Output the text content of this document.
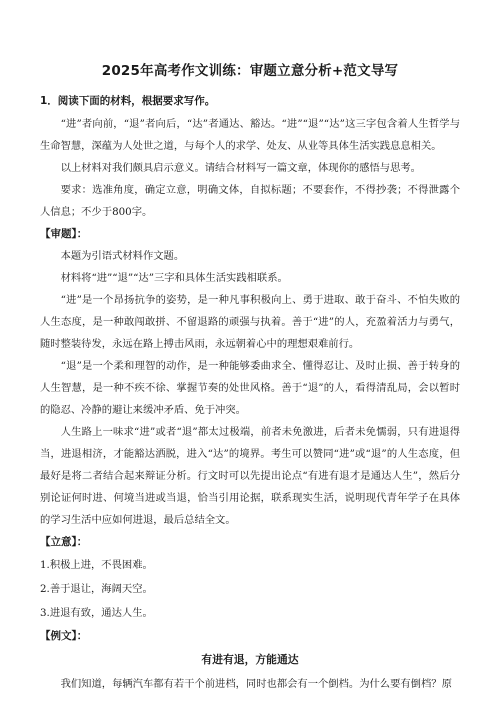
2025年高考作文训练：审题立意分析+范文导写
1．阅读下面的材料，根据要求写作。

“进”者向前，“退”者向后，“达”者通达、豁达。“进”“退”“达”这三字包含着人生哲学与生命智慧，深蕴为人处世之道，与每个人的求学、处友、从业等具体生活实践息息相关。

以上材料对我们颇具启示意义。请结合材料写一篇文章，体现你的感悟与思考。

要求：选准角度，确定立意，明确文体，自拟标题；不要套作，不得抄袭；不得泄露个人信息；不少于800字。

【审题】：

本题为引语式材料作文题。

材料将“进”“退”“达”三字和具体生活实践相联系。

“进”是一个昂扬抗争的姿势，是一种凡事积极向上、勇于进取、敢于奋斗、不怕失败的人生态度，是一种敢闯敢拼、不留退路的顽强与执着。善于“进”的人，充盈着活力与勇气，随时整装待发，永远在路上搏击风雨，永远朝着心中的理想艰难前行。

“退”是一个柔和理智的动作，是一种能够委曲求全、懂得忍让、及时止损、善于转身的人生智慧，是一种不疾不徐、掌握节奏的处世风格。善于“退”的人，看得清乱局，会以暂时的隐忍、冷静的避让来缓冲矛盾、免于冲突。

人生路上一味求“进”或者“退”都太过极端，前者未免激进，后者未免懦弱，只有进退得当，进退相济，才能豁达洒脱，进入“达”的境界。考生可以赞同“进”或“退”的人生态度，但最好是将二者结合起来辩证分析。行文时可以先提出论点“有进有退才是通达人生”，然后分别论证何时进、何境当进或当退，恰当引用论据，联系现实生活，说明现代青年学子在具体的学习生活中应如何进退，最后总结全文。

【立意】：
1.积极上进，不畏困难。
2.善于退让，海阔天空。
3.进退有致，通达人生。
【例文】：
有进有退，方能通达

我们知道，每辆汽车都有若干个前进档，同时也都会有一个倒档。为什么要有倒档？原
